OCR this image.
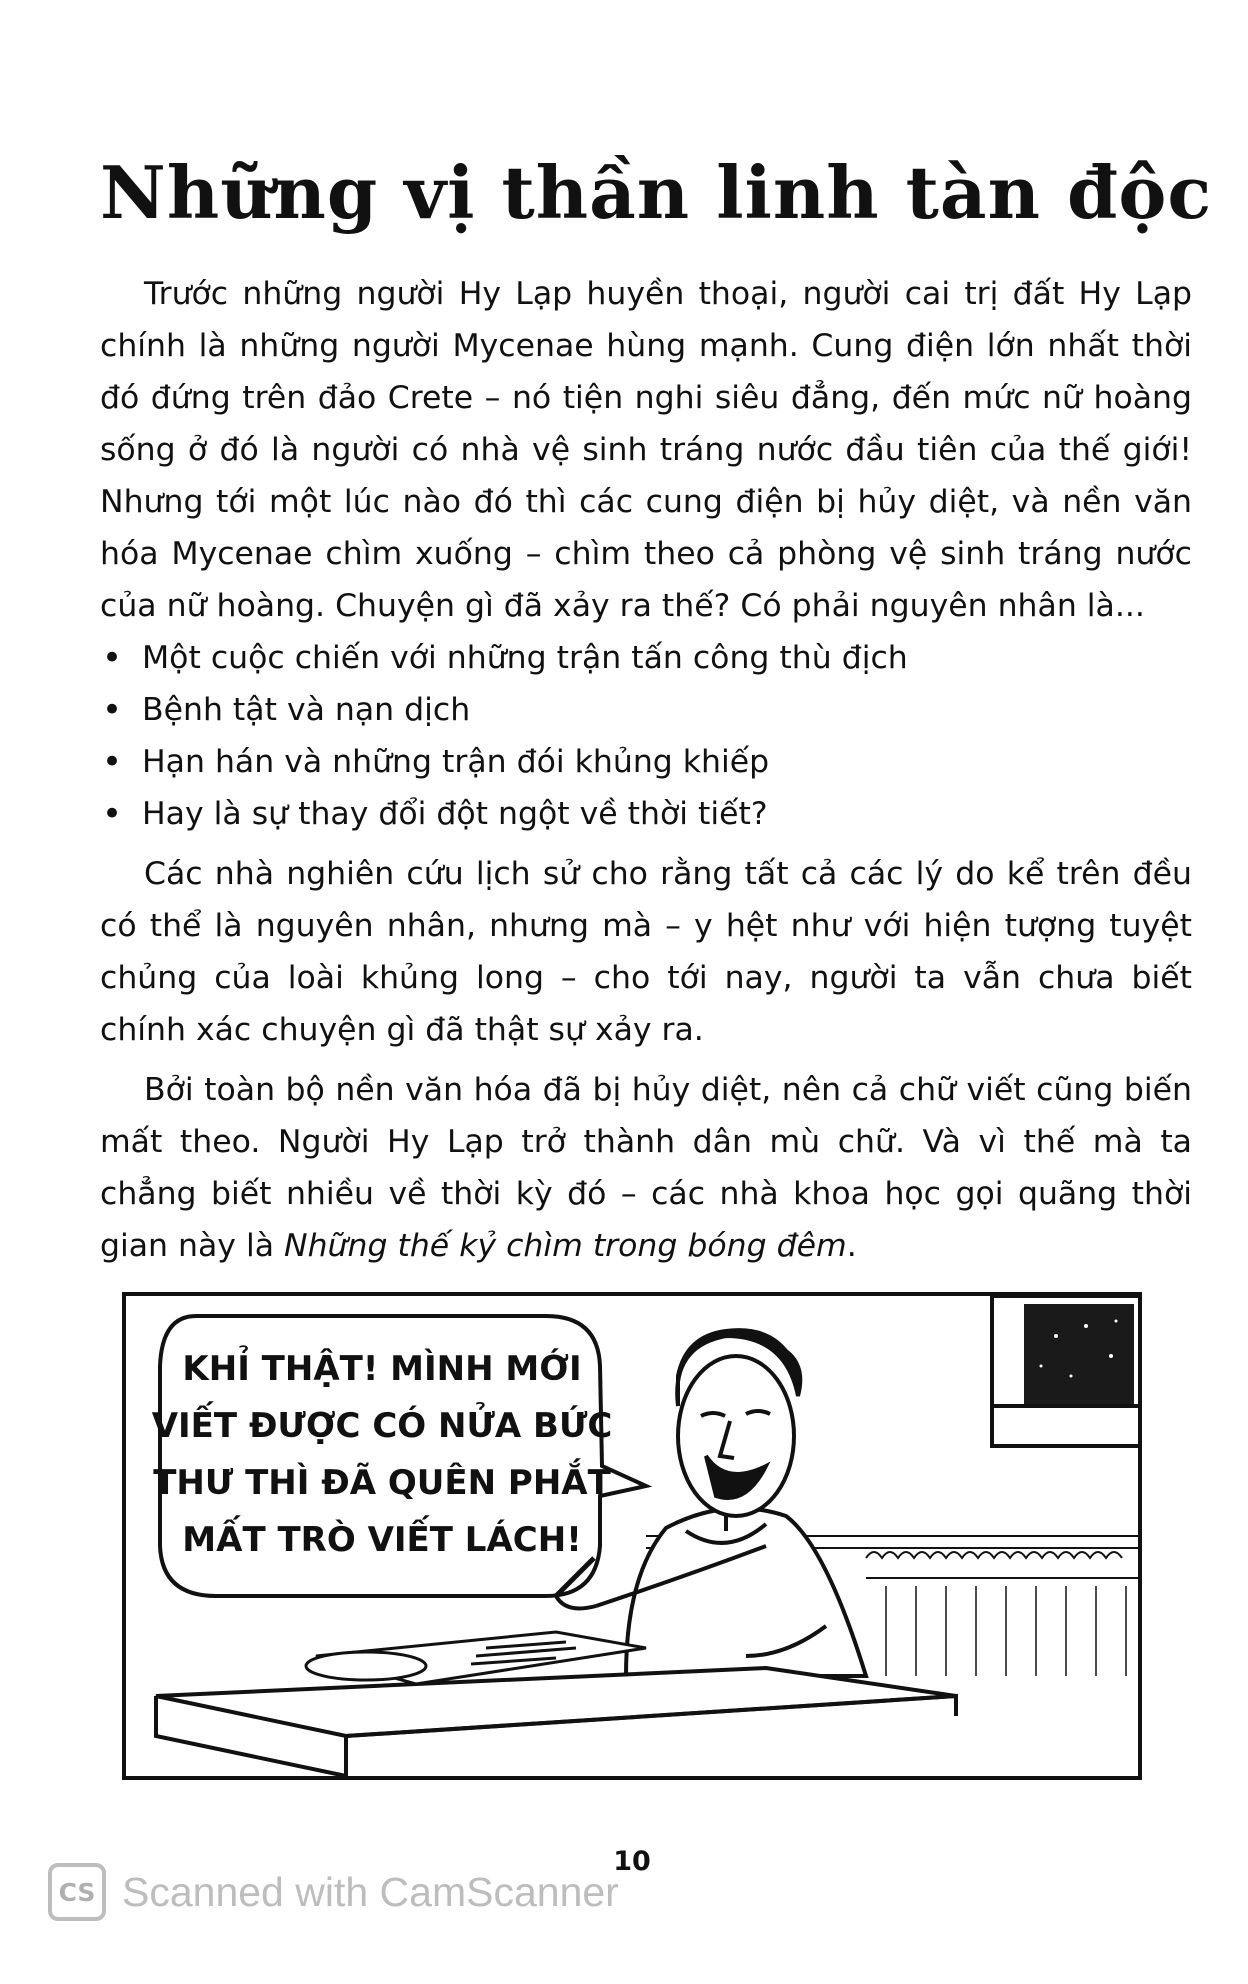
Những vị thần linh tàn độc

Trước những người Hy Lạp huyền thoại, người cai trị đất Hy Lạp chính là những người Mycenae hùng mạnh. Cung điện lớn nhất thời đó đứng trên đảo Crete – nó tiện nghi siêu đẳng, đến mức nữ hoàng sống ở đó là người có nhà vệ sinh tráng nước đầu tiên của thế giới! Nhưng tới một lúc nào đó thì các cung điện bị hủy diệt, và nền văn hóa Mycenae chìm xuống – chìm theo cả phòng vệ sinh tráng nước của nữ hoàng. Chuyện gì đã xảy ra thế? Có phải nguyên nhân là...

• Một cuộc chiến với những trận tấn công thù địch
• Bệnh tật và nạn dịch
• Hạn hán và những trận đói khủng khiếp
• Hay là sự thay đổi đột ngột về thời tiết?

Các nhà nghiên cứu lịch sử cho rằng tất cả các lý do kể trên đều có thể là nguyên nhân, nhưng mà – y hệt như với hiện tượng tuyệt chủng của loài khủng long – cho tới nay, người ta vẫn chưa biết chính xác chuyện gì đã thật sự xảy ra.

Bởi toàn bộ nền văn hóa đã bị hủy diệt, nên cả chữ viết cũng biến mất theo. Người Hy Lạp trở thành dân mù chữ. Và vì thế mà ta chẳng biết nhiều về thời kỳ đó – các nhà khoa học gọi quãng thời gian này là Những thế kỷ chìm trong bóng đêm.

KHỈ THẬT! MÌNH MỚI
VIẾT ĐƯỢC CÓ NỬA BỨC
THƯ THÌ ĐÃ QUÊN PHẮT
MẤT TRÒ VIẾT LÁCH!
10
CS Scanned with CamScanner
